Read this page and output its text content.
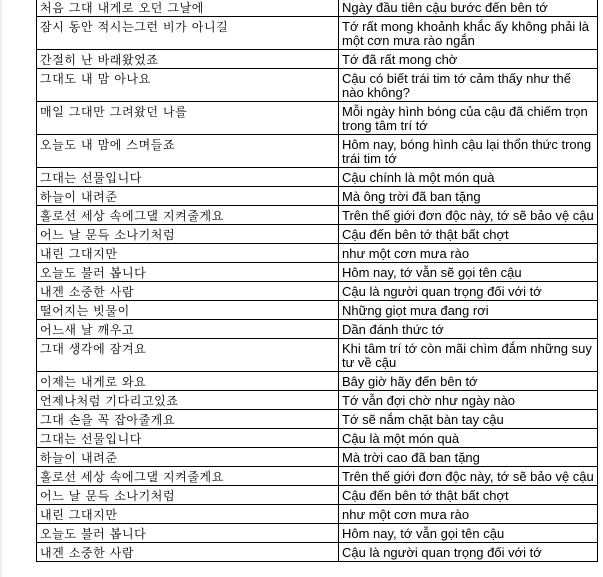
처음 그대 내게로 오던 그날에	Ngày đầu tiên cậu bước đến bên tớ
잠시 동안 적시는그런 비가 아니길	Tớ rất mong khoảnh khắc ấy không phải là một cơn mưa rào ngắn
간절히 난 바래왔었죠	Tớ đã rất mong chờ
그대도 내 맘 아나요	Cậu có biết trái tim tớ cảm thấy như thế nào không?
매일 그대만 그려왔던 나를	Mỗi ngày hình bóng của cậu đã chiếm trọn trong tâm trí tớ
오늘도 내 맘에 스며들죠	Hôm nay, bóng hình cậu lại thổn thức trong trái tim tớ
그대는 선물입니다	Cậu chính là một món quà
하늘이 내려준	Mà ông trời đã ban tặng
홀로선 세상 속에그댈 지켜줄게요	Trên thế giới đơn độc này, tớ sẽ bảo vệ cậu
어느 날 문득 소나기처럼	Cậu đến bên tớ thật bất chợt
내린 그대지만	như một cơn mưa rào
오늘도 불러 봅니다	Hôm nay, tớ vẫn sẽ gọi tên cậu
내겐 소중한 사람	Cậu là người quan trọng đối với tớ
떨어지는 빗물이	Những giọt mưa đang rơi
어느새 날 깨우고	Dần đánh thức tớ
그대 생각에 잠겨요	Khi tâm trí tớ còn mãi chìm đắm những suy tư về cậu
이제는 내게로 와요	Bây giờ hãy đến bên tớ
언제나처럼 기다리고있죠	Tớ vẫn đợi chờ như ngày nào
그대 손을 꼭 잡아줄게요	Tớ sẽ nắm chặt bàn tay cậu
그대는 선물입니다	Cậu là một món quà
하늘이 내려준	Mà trời cao đã ban tặng
홀로선 세상 속에그댈 지켜줄게요	Trên thế giới đơn độc này, tớ sẽ bảo vệ cậu
어느 날 문득 소나기처럼	Cậu đến bên tớ thật bất chợt
내린 그대지만	như một cơn mưa rào
오늘도 불러 봅니다	Hôm nay, tớ vẫn gọi tên cậu
내겐 소중한 사람	Cậu là người quan trọng đối với tớ
